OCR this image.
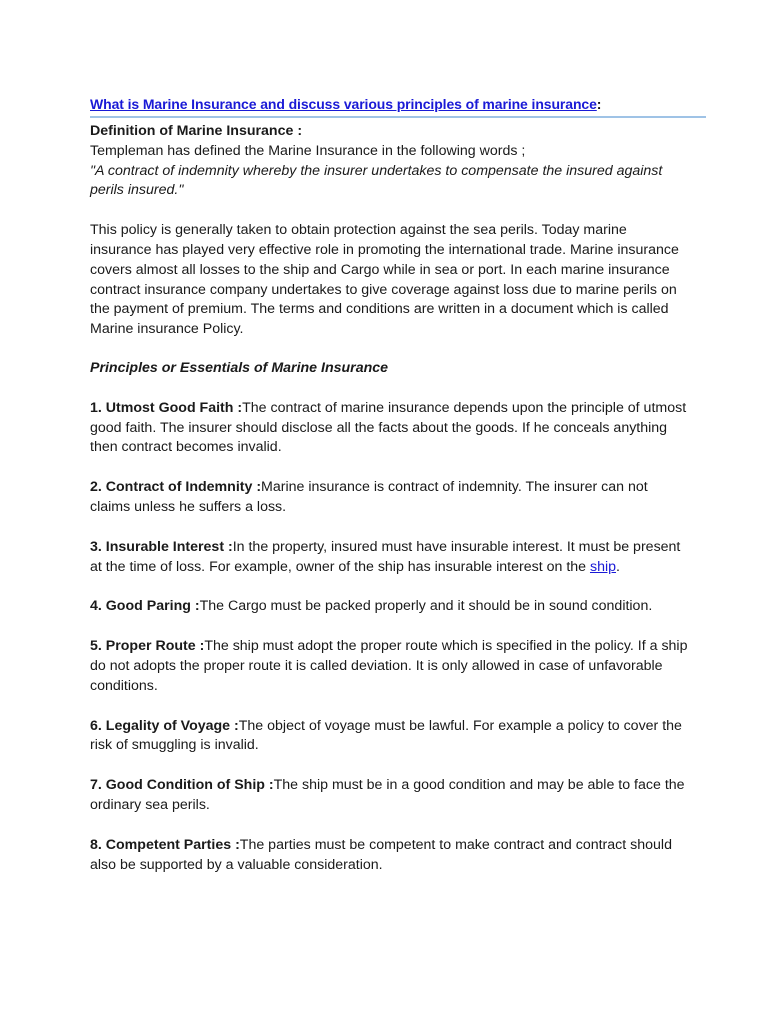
What is Marine Insurance and discuss various principles of marine insurance:

Definition of Marine Insurance :

Templeman has defined the Marine Insurance in the following words ;

"A contract of indemnity whereby the insurer undertakes to compensate the insured against perils insured."

This policy is generally taken to obtain protection against the sea perils. Today marine insurance has played very effective role in promoting the international trade. Marine insurance covers almost all losses to the ship and Cargo while in sea or port. In each marine insurance contract insurance company undertakes to give coverage against loss due to marine perils on the payment of premium. The terms and conditions are written in a document which is called Marine insurance Policy.

Principles or Essentials of Marine Insurance

1. Utmost Good Faith :The contract of marine insurance depends upon the principle of utmost good faith. The insurer should disclose all the facts about the goods. If he conceals anything then contract becomes invalid.

2. Contract of Indemnity :Marine insurance is contract of indemnity. The insurer can not claims unless he suffers a loss.

3. Insurable Interest :In the property, insured must have insurable interest. It must be present at the time of loss. For example, owner of the ship has insurable interest on the ship.

4. Good Paring :The Cargo must be packed properly and it should be in sound condition.

5. Proper Route :The ship must adopt the proper route which is specified in the policy. If a ship do not adopts the proper route it is called deviation. It is only allowed in case of unfavorable conditions.

6. Legality of Voyage :The object of voyage must be lawful. For example a policy to cover the risk of smuggling is invalid.

7. Good Condition of Ship :The ship must be in a good condition and may be able to face the ordinary sea perils.

8. Competent Parties :The parties must be competent to make contract and contract should also be supported by a valuable consideration.
